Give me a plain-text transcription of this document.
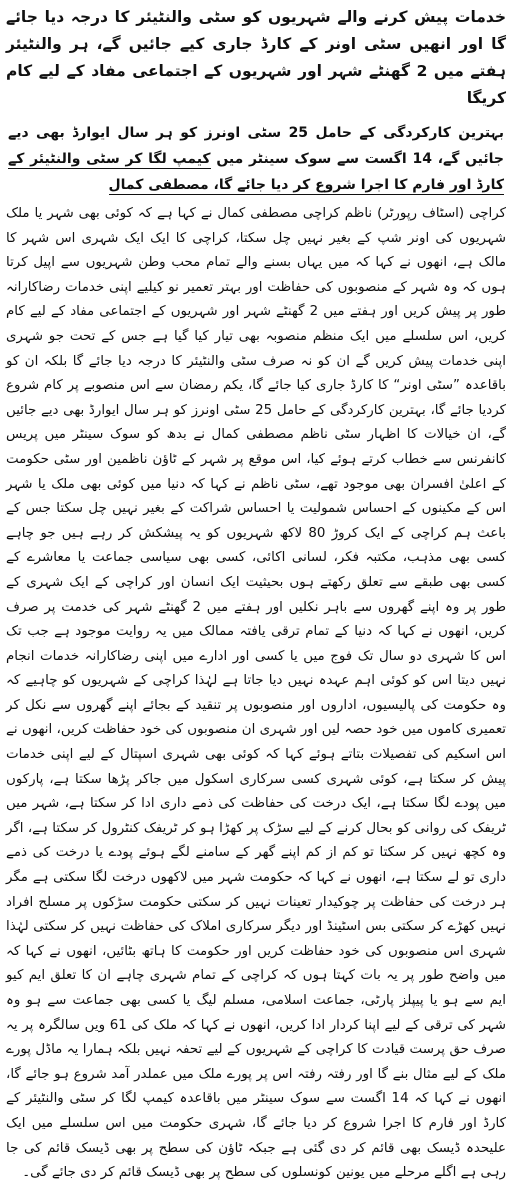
خدمات پیش کرنے والے شہریوں کو سٹی والنٹیئر کا درجہ دیا جائے گا اور انھیں سٹی اونر کے کارڈ جاری کیے جائیں گے، ہر والنٹیئر ہفتے میں 2 گھنٹے شہر اور شہریوں کے اجتماعی مفاد کے لیے کام کریگا

بہترین کارکردگی کے حامل 25 سٹی اونرز کو ہر سال ایوارڈ بھی دیے جائیں گے، 14 اگست سے سوک سینٹر میں کیمپ لگا کر سٹی والنٹیئر کے کارڈ اور فارم کا اجرا شروع کر دیا جائے گا، مصطفی کمال

کراچی (اسٹاف رپورٹر) ناظم کراچی مصطفی کمال نے کہا ہے کہ کوئی بھی شہر یا ملک شہریوں کی اونر شپ کے بغیر نہیں چل سکتا، کراچی کا ایک ایک شہری اس شہر کا مالک ہے، انھوں نے کہا کہ میں یہاں بسنے والے تمام محب وطن شہریوں سے اپیل کرتا ہوں کہ وہ شہر کے منصوبوں کی حفاظت اور بہتر تعمیر نو کیلیے اپنی خدمات رضاکارانہ طور پر پیش کریں اور ہفتے میں 2 گھنٹے شہر اور شہریوں کے اجتماعی مفاد کے لیے کام کریں، اس سلسلے میں ایک منظم منصوبہ بھی تیار کیا گیا ہے جس کے تحت جو شہری اپنی خدمات پیش کریں گے ان کو نہ صرف سٹی والنٹیئر کا درجہ دیا جائے گا بلکہ ان کو باقاعدہ ”سٹی اونر“ کا کارڈ جاری کیا جائے گا، یکم رمضان سے اس منصوبے پر کام شروع کردیا جائے گا، بہترین کارکردگی کے حامل 25 سٹی اونرز کو ہر سال ایوارڈ بھی دیے جائیں گے، ان خیالات کا اظہار سٹی ناظم مصطفی کمال نے بدھ کو سوک سینٹر میں پریس کانفرنس سے خطاب کرتے ہوئے کیا، اس موقع پر شہر کے ٹاؤن ناظمین اور سٹی حکومت کے اعلیٰ افسران بھی موجود تھے، سٹی ناظم نے کہا کہ دنیا میں کوئی بھی ملک یا شہر اس کے مکینوں کے احساس شمولیت یا احساس شراکت کے بغیر نہیں چل سکتا جس کے باعث ہم کراچی کے ایک کروڑ 80 لاکھ شہریوں کو یہ پیشکش کر رہے ہیں جو چاہے کسی بھی مذہب، مکتبہ فکر، لسانی اکائی، کسی بھی سیاسی جماعت یا معاشرے کے کسی بھی طبقے سے تعلق رکھتے ہوں بحیثیت ایک انسان اور کراچی کے ایک شہری کے طور پر وہ اپنے گھروں سے باہر نکلیں اور ہفتے میں 2 گھنٹے شہر کی خدمت پر صرف کریں، انھوں نے کہا کہ دنیا کے تمام ترقی یافتہ ممالک میں یہ روایت موجود ہے جب تک اس کا شہری دو سال تک فوج میں یا کسی اور ادارے میں اپنی رضاکارانہ خدمات انجام نہیں دیتا اس کو کوئی اہم عہدہ نہیں دیا جاتا ہے لہٰذا کراچی کے شہریوں کو چاہیے کہ وہ حکومت کی پالیسیوں، اداروں اور منصوبوں پر تنقید کے بجائے اپنے گھروں سے نکل کر تعمیری کاموں میں خود حصہ لیں اور شہری ان منصوبوں کی خود حفاظت کریں، انھوں نے اس اسکیم کی تفصیلات بتاتے ہوئے کہا کہ کوئی بھی شہری اسپتال کے لیے اپنی خدمات پیش کر سکتا ہے، کوئی شہری کسی سرکاری اسکول میں جاکر پڑھا سکتا ہے، پارکوں میں پودے لگا سکتا ہے، ایک درخت کی حفاظت کی ذمے داری ادا کر سکتا ہے، شہر میں ٹریفک کی روانی کو بحال کرنے کے لیے سڑک پر کھڑا ہو کر ٹریفک کنٹرول کر سکتا ہے، اگر وہ کچھ نہیں کر سکتا تو کم از کم اپنے گھر کے سامنے لگے ہوئے پودے یا درخت کی ذمے داری تو لے سکتا ہے، انھوں نے کہا کہ حکومت شہر میں لاکھوں درخت لگا سکتی ہے مگر ہر درخت کی حفاظت پر چوکیدار تعینات نہیں کر سکتی حکومت سڑکوں پر مسلح افراد نہیں کھڑے کر سکتی بس اسٹینڈ اور دیگر سرکاری املاک کی حفاظت نہیں کر سکتی لہٰذا شہری اس منصوبوں کی خود حفاظت کریں اور حکومت کا ہاتھ بٹائیں، انھوں نے کہا کہ میں واضح طور پر یہ بات کہتا ہوں کہ کراچی کے تمام شہری چاہے ان کا تعلق ایم کیو ایم سے ہو یا پیپلز پارٹی، جماعت اسلامی، مسلم لیگ یا کسی بھی جماعت سے ہو وہ شہر کی ترقی کے لیے اپنا کردار ادا کریں، انھوں نے کہا کہ ملک کی 61 ویں سالگرہ پر یہ صرف حق پرست قیادت کا کراچی کے شہریوں کے لیے تحفہ نہیں بلکہ ہمارا یہ ماڈل پورے ملک کے لیے مثال بنے گا اور رفتہ رفتہ اس پر پورے ملک میں عملدر آمد شروع ہو جائے گا، انھوں نے کہا کہ 14 اگست سے سوک سینٹر میں باقاعدہ کیمپ لگا کر سٹی والنٹیئر کے کارڈ اور فارم کا اجرا شروع کر دیا جائے گا، شہری حکومت میں اس سلسلے میں ایک علیحدہ ڈیسک بھی قائم کر دی گئی ہے جبکہ ٹاؤن کی سطح پر بھی ڈیسک قائم کی جا رہی ہے اگلے مرحلے میں یونین کونسلوں کی سطح پر بھی ڈیسک قائم کر دی جائے گی۔
